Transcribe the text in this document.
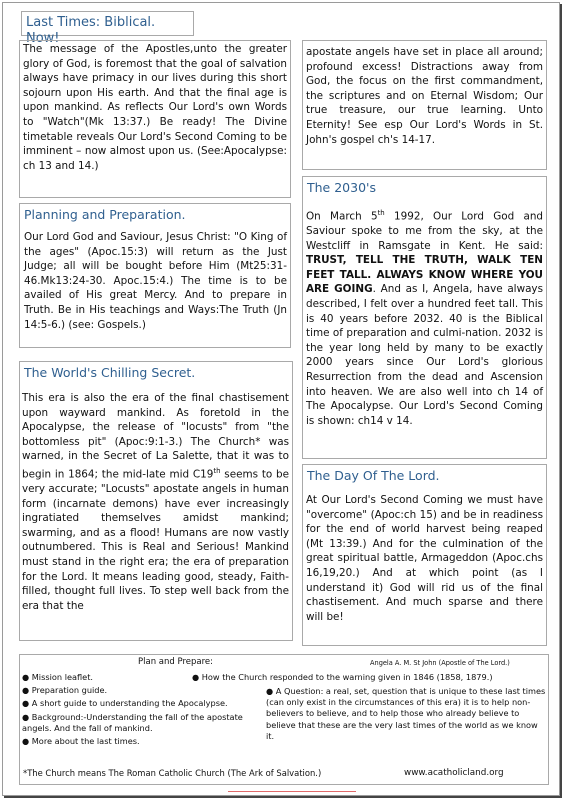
Last Times: Biblical. Now!
The message of the Apostles,unto the greater glory of God, is foremost that the goal of salvation always have primacy in our lives during this short sojourn upon His earth. And that the final age is upon mankind. As reflects Our Lord's own Words to "Watch"(Mk 13:37.) Be ready! The Divine timetable reveals Our Lord's Second Coming to be imminent – now almost upon us. (See:Apocalypse: ch 13 and 14.)
Planning and Preparation.
Our Lord God and Saviour, Jesus Christ: "O King of the ages" (Apoc.15:3) will return as the Just Judge; all will be bought before Him (Mt25:31-46.Mk13:24-30. Apoc.15:4.) The time is to be availed of His great Mercy. And to prepare in Truth. Be in His teachings and Ways:The Truth (Jn 14:5-6.) (see: Gospels.)
The World's Chilling Secret.
This era is also the era of the final chastisement upon wayward mankind. As foretold in the Apocalypse, the release of "locusts" from "the bottomless pit" (Apoc:9:1-3.) The Church* was warned, in the Secret of La Salette, that it was to begin in 1864; the mid-late mid C19th seems to be very accurate; "Locusts" apostate angels in human form (incarnate demons) have ever increasingly ingratiated themselves amidst mankind; swarming, and as a flood! Humans are now vastly outnumbered. This is Real and Serious! Mankind must stand in the right era; the era of preparation for the Lord. It means leading good, steady, Faith-filled, thought full lives. To step well back from the era that the
apostate angels have set in place all around; profound excess! Distractions away from God, the focus on the first commandment, the scriptures and on Eternal Wisdom; Our true treasure, our true learning. Unto Eternity! See esp Our Lord's Words in St. John's gospel ch's 14-17.
The 2030's
On March 5th 1992, Our Lord God and Saviour spoke to me from the sky, at the Westcliff in Ramsgate in Kent. He said: TRUST, TELL THE TRUTH, WALK TEN FEET TALL. ALWAYS KNOW WHERE YOU ARE GOING. And as I, Angela, have always described, I felt over a hundred feet tall. This is 40 years before 2032. 40 is the Biblical time of preparation and culmi-nation. 2032 is the year long held by many to be exactly 2000 years since Our Lord's glorious Resurrection from the dead and Ascension into heaven. We are also well into ch 14 of The Apocalypse. Our Lord's Second Coming is shown: ch14 v 14.
The Day Of The Lord.
At Our Lord's Second Coming we must have "overcome" (Apoc:ch 15) and be in readiness for the end of world harvest being reaped (Mt 13:39.) And for the culmination of the great spiritual battle, Armageddon (Apoc.chs 16,19,20.) And at which point (as I understand it) God will rid us of the final chastisement. And much sparse and there will be!
Plan and Prepare:	Angela A. M. St John (Apostle of The Lord.)
● Mission leaflet.
● Preparation guide.
● A short guide to understanding the Apocalypse.
● Background:-Understanding the fall of the apostate angels. And the fall of mankind.
● More about the last times.
● How the Church responded to the warning given in 1846 (1858, 1879.)
● A Question: a real, set, question that is unique to these last times (can only exist in the circumstances of this era) it is to help non-believers to believe, and to help those who already believe to believe that these are the very last times of the world as we know it.
*The Church means The Roman Catholic Church (The Ark of Salvation.)	www.acatholicland.org
